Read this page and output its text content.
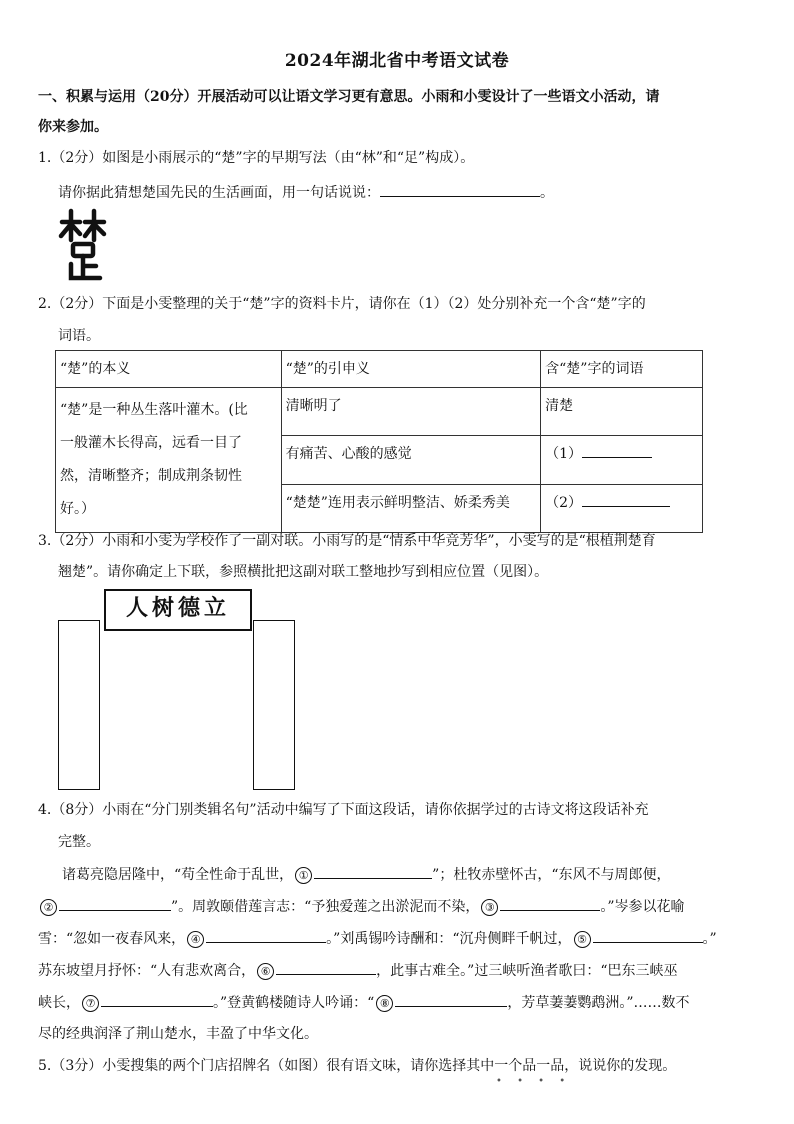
2024年湖北省中考语文试卷
一、积累与运用（20分）开展活动可以让语文学习更有意思。小雨和小雯设计了一些语文小活动，请
你来参加。
1.（2分）如图是小雨展示的“楚”字的早期写法（由“林”和“足”构成）。
请你据此猜想楚国先民的生活画面，用一句话说说：	。
2.（2分）下面是小雯整理的关于“楚”字的资料卡片，请你在（1）（2）处分别补充一个含“楚”字的
词语。
“楚”的本义	“楚”的引申义	含“楚”字的词语

“楚”是一种丛生落叶灌木。(比
一般灌木长得高，远看一目了
然，清晰整齐；制成荆条韧性
好。）	清晰明了	清楚
	有痛苦、心酸的感觉	（1）
	“楚楚”连用表示鲜明整洁、娇柔秀美	（2）
3.（2分）小雨和小雯为学校作了一副对联。小雨写的是“情系中华竞芳华”，小雯写的是“根植荆楚育
翘楚”。请你确定上下联，参照横批把这副对联工整地抄写到相应位置（见图）。
人树德立
4.（8分）小雨在“分门别类辑名句”活动中编写了下面这段话，请你依据学过的古诗文将这段话补充
完整。
诸葛亮隐居隆中，“苟全性命于乱世， ①	”；杜牧赤壁怀古，“东风不与周郎便，
②	”。周敦颐借莲言志：“予独爱莲之出淤泥而不染， ③	。”岑参以花喻
雪：“忽如一夜春风来， ④	。”刘禹锡吟诗酬和：“沉舟侧畔千帆过， ⑤	。”
苏东坡望月抒怀：“人有悲欢离合， ⑥	，此事古难全。”过三峡听渔者歌曰：“巴东三峡巫
峡长， ⑦	。”登黄鹤楼随诗人吟诵：“ ⑧	，芳草萋萋鹦鹉洲。”……数不
尽的经典润泽了荆山楚水，丰盈了中华文化。
5.（3分）小雯搜集的两个门店招牌名（如图）很有语文味，请你选择其中一个品一品，说说你的发现。
• • • •
